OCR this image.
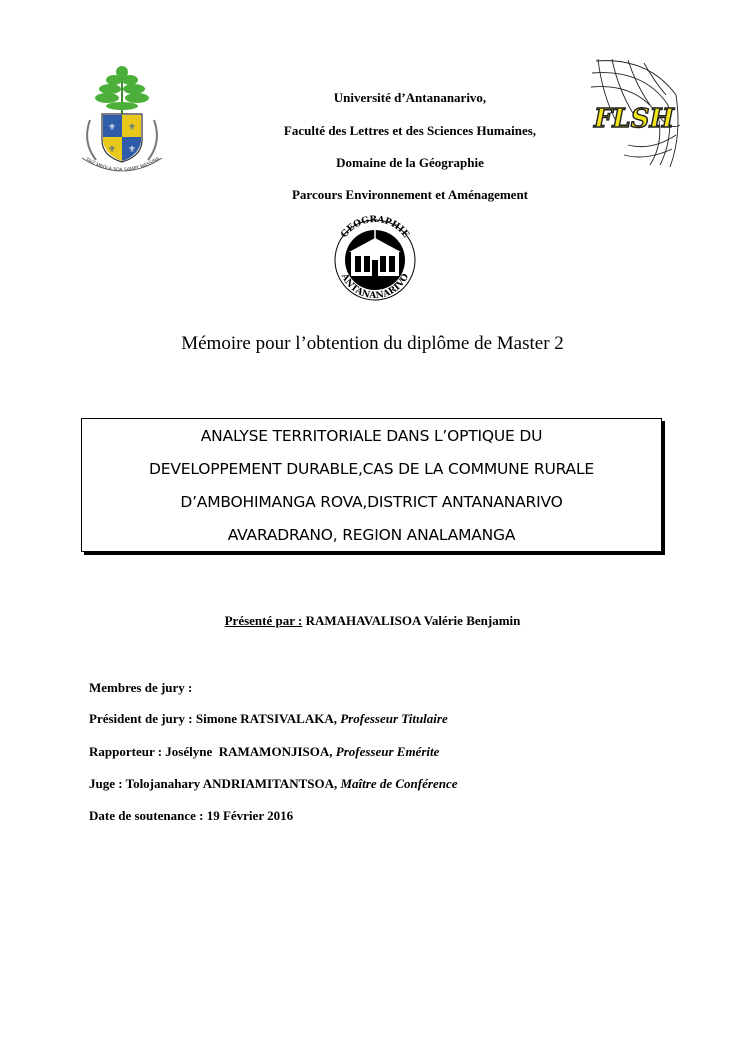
⚜ ⚜
⚜ ⚜
TAIZ MBOLA SOA SAMPY MASSINA
FLSH
Université d’Antananarivo,
Faculté des Lettres et des Sciences Humaines,
Domaine de la Géographie
Parcours Environnement et Aménagement
GEOGRAPHIE
ANTANANARIVO
Mémoire pour l’obtention du diplôme de Master 2
ANALYSE TERRITORIALE DANS L’OPTIQUE DU
DEVELOPPEMENT DURABLE,CAS DE LA COMMUNE RURALE
D’AMBOHIMANGA ROVA,DISTRICT ANTANANARIVO
AVARADRANO, REGION ANALAMANGA
Présenté par : RAMAHAVALISOA Valérie Benjamin
Membres de jury :
Président de jury : Simone RATSIVALAKA, Professeur Titulaire
Rapporteur : Josélyne  RAMAMONJISOA, Professeur Emérite
Juge : Tolojanahary ANDRIAMITANTSOA, Maître de Conférence
Date de soutenance : 19 Février 2016
